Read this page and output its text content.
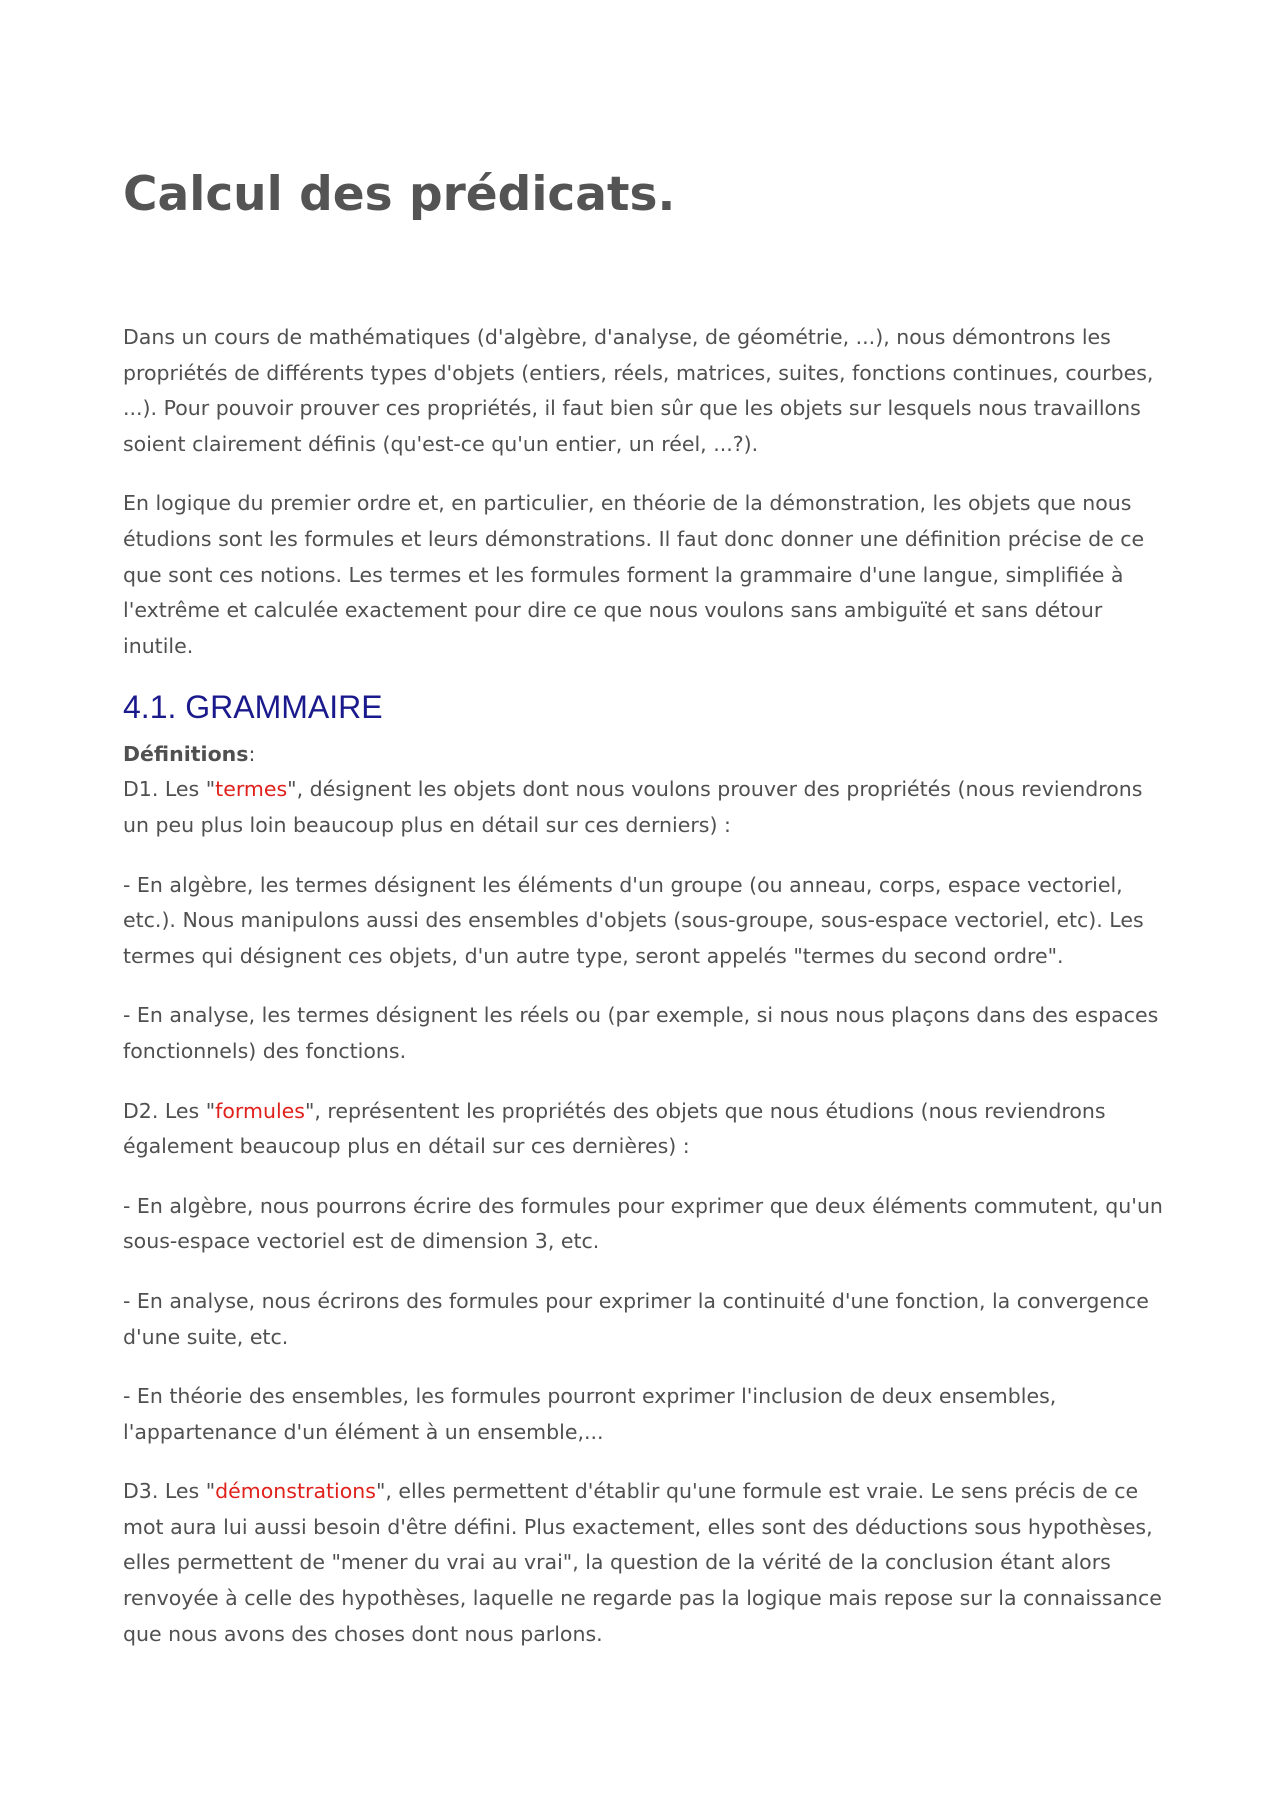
Calcul des prédicats.

Dans un cours de mathématiques (d'algèbre, d'analyse, de géométrie, ...), nous démontrons les propriétés de différents types d'objets (entiers, réels, matrices, suites, fonctions continues, courbes, ...). Pour pouvoir prouver ces propriétés, il faut bien sûr que les objets sur lesquels nous travaillons soient clairement définis (qu'est-ce qu'un entier, un réel, ...?).

En logique du premier ordre et, en particulier, en théorie de la démonstration, les objets que nous étudions sont les formules et leurs démonstrations. Il faut donc donner une définition précise de ce que sont ces notions. Les termes et les formules forment la grammaire d'une langue, simplifiée à l'extrême et calculée exactement pour dire ce que nous voulons sans ambiguïté et sans détour inutile.

4.1. GRAMMAIRE
Définitions:

D1. Les "termes", désignent les objets dont nous voulons prouver des propriétés (nous reviendrons un peu plus loin beaucoup plus en détail sur ces derniers) :

- En algèbre, les termes désignent les éléments d'un groupe (ou anneau, corps, espace vectoriel, etc.). Nous manipulons aussi des ensembles d'objets (sous-groupe, sous-espace vectoriel, etc). Les termes qui désignent ces objets, d'un autre type, seront appelés "termes du second ordre".

- En analyse, les termes désignent les réels ou (par exemple, si nous nous plaçons dans des espaces fonctionnels) des fonctions.

D2. Les "formules", représentent les propriétés des objets que nous étudions (nous reviendrons également beaucoup plus en détail sur ces dernières) :

- En algèbre, nous pourrons écrire des formules pour exprimer que deux éléments commutent, qu'un sous-espace vectoriel est de dimension 3, etc.

- En analyse, nous écrirons des formules pour exprimer la continuité d'une fonction, la convergence d'une suite, etc.

- En théorie des ensembles, les formules pourront exprimer l'inclusion de deux ensembles, l'appartenance d'un élément à un ensemble,...

D3. Les "démonstrations", elles permettent d'établir qu'une formule est vraie. Le sens précis de ce mot aura lui aussi besoin d'être défini. Plus exactement, elles sont des déductions sous hypothèses, elles permettent de "mener du vrai au vrai", la question de la vérité de la conclusion étant alors renvoyée à celle des hypothèses, laquelle ne regarde pas la logique mais repose sur la connaissance que nous avons des choses dont nous parlons.
